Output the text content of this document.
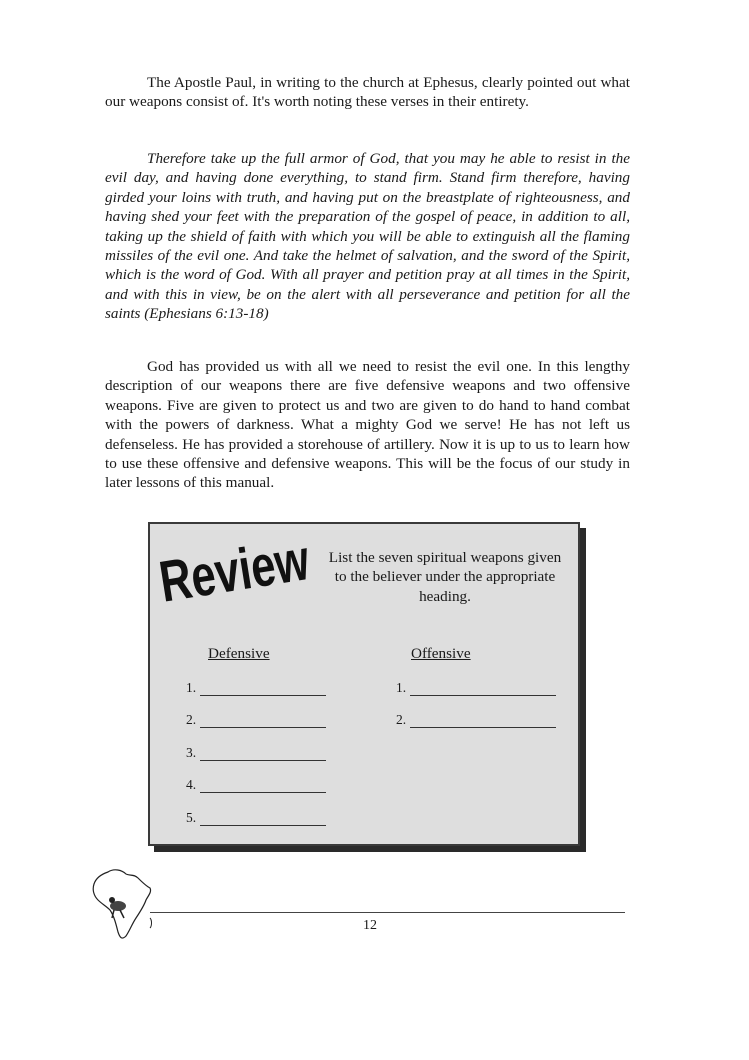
The Apostle Paul, in writing to the church at Ephesus, clearly pointed out what our weapons consist of. It's worth noting these verses in their entirety.

Therefore take up the full armor of God, that you may he able to resist in the evil day, and having done everything, to stand firm. Stand firm therefore, having girded your loins with truth, and having put on the breastplate of righteousness, and having shed your feet with the preparation of the gospel of peace, in addition to all, taking up the shield of faith with which you will be able to extinguish all the flaming missiles of the evil one. And take the helmet of salvation, and the sword of the Spirit, which is the word of God. With all prayer and petition pray at all times in the Spirit, and with this in view, be on the alert with all perseverance and petition for all the saints (Ephesians 6:13-18)

God has provided us with all we need to resist the evil one. In this lengthy description of our weapons there are five defensive weapons and two offensive weapons. Five are given to protect us and two are given to do hand to hand combat with the powers of darkness. What a mighty God we serve! He has not left us defenseless. He has provided a storehouse of artillery. Now it is up to us to learn how to use these offensive and defensive weapons. This will be the focus of our study in later lessons of this manual.

Review

List the seven spiritual weapons given to the believer under the appropriate heading.

Defensive	Offensive

1.
2.
3.
4.
5.
1.
2.

12
